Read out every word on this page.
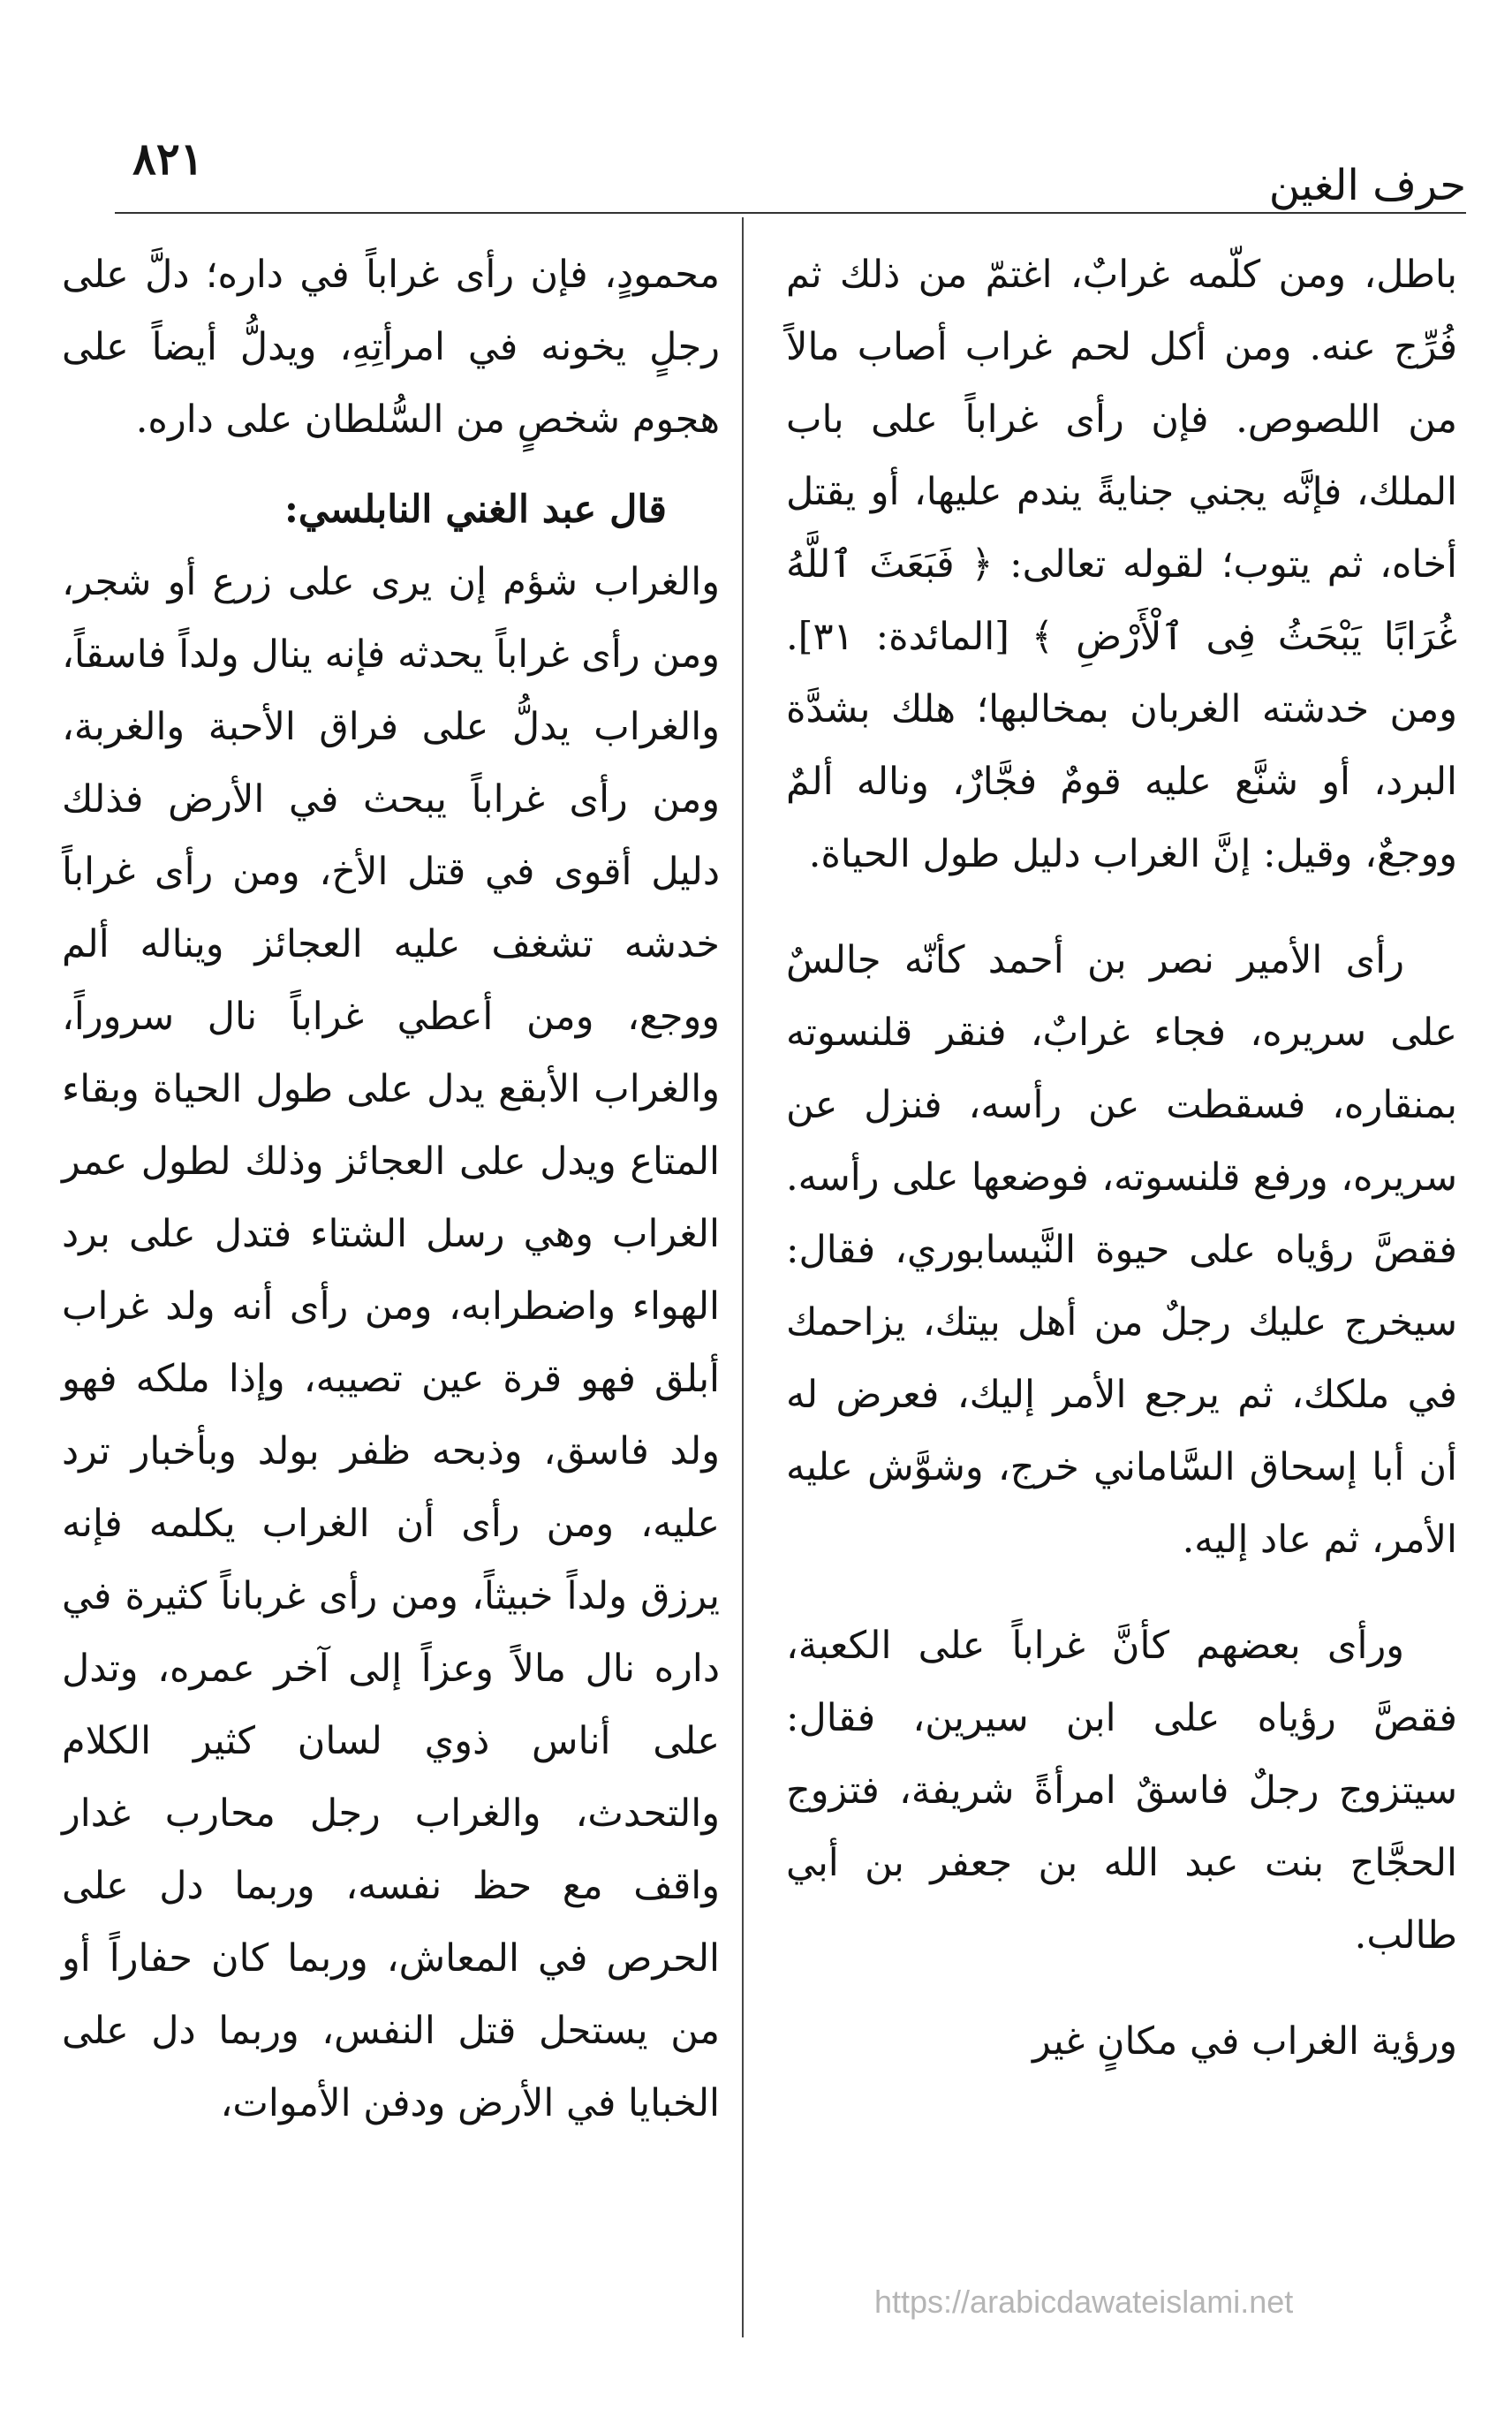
٨٢١
حرف الغين

باطل، ومن كلّمه غرابٌ، اغتمّ من ذلك ثم فُرِّج عنه. ومن أكل لحم غراب أصاب مالاً من اللصوص. فإن رأى غراباً على باب الملك، فإنَّه يجني جنايةً يندم عليها، أو يقتل أخاه، ثم يتوب؛ لقوله تعالى: ﴿ فَبَعَثَ ٱللَّهُ غُرَابًا يَبْحَثُ فِى ٱلْأَرْضِ ﴾ [المائدة: ٣١]. ومن خدشته الغربان بمخالبها؛ هلك بشدَّة البرد، أو شنَّع عليه قومٌ فجَّارٌ، وناله ألمٌ ووجعٌ، وقيل: إنَّ الغراب دليل طول الحياة.

رأى الأمير نصر بن أحمد كأنّه جالسٌ على سريره، فجاء غرابٌ، فنقر قلنسوته بمنقاره، فسقطت عن رأسه، فنزل عن سريره، ورفع قلنسوته، فوضعها على رأسه. فقصَّ رؤياه على حيوة النَّيسابوري، فقال: سيخرج عليك رجلٌ من أهل بيتك، يزاحمك في ملكك، ثم يرجع الأمر إليك، فعرض له أن أبا إسحاق السَّاماني خرج، وشوَّش عليه الأمر، ثم عاد إليه.

ورأى بعضهم كأنَّ غراباً على الكعبة، فقصَّ رؤياه على ابن سيرين، فقال: سيتزوج رجلٌ فاسقٌ امرأةً شريفة، فتزوج الحجَّاج بنت عبد الله بن جعفر بن أبي طالب.

ورؤية الغراب في مكانٍ غير

محمودٍ، فإن رأى غراباً في داره؛ دلَّ على رجلٍ يخونه في امرأتِهِ، ويدلُّ أيضاً على هجوم شخصٍ من السُّلطان على داره.

قال عبد الغني النابلسي:

والغراب شؤم إن يرى على زرع أو شجر، ومن رأى غراباً يحدثه فإنه ينال ولداً فاسقاً، والغراب يدلُّ على فراق الأحبة والغربة، ومن رأى غراباً يبحث في الأرض فذلك دليل أقوى في قتل الأخ، ومن رأى غراباً خدشه تشغف عليه العجائز ويناله ألم ووجع، ومن أعطي غراباً نال سروراً، والغراب الأبقع يدل على طول الحياة وبقاء المتاع ويدل على العجائز وذلك لطول عمر الغراب وهي رسل الشتاء فتدل على برد الهواء واضطرابه، ومن رأى أنه ولد غراب أبلق فهو قرة عين تصيبه، وإذا ملكه فهو ولد فاسق، وذبحه ظفر بولد وبأخبار ترد عليه، ومن رأى أن الغراب يكلمه فإنه يرزق ولداً خبيثاً، ومن رأى غرباناً كثيرة في داره نال مالاً وعزاً إلى آخر عمره، وتدل على أناس ذوي لسان كثير الكلام والتحدث، والغراب رجل محارب غدار واقف مع حظ نفسه، وربما دل على الحرص في المعاش، وربما كان حفاراً أو من يستحل قتل النفس، وربما دل على الخبايا في الأرض ودفن الأموات،

https://arabicdawateislami.net
